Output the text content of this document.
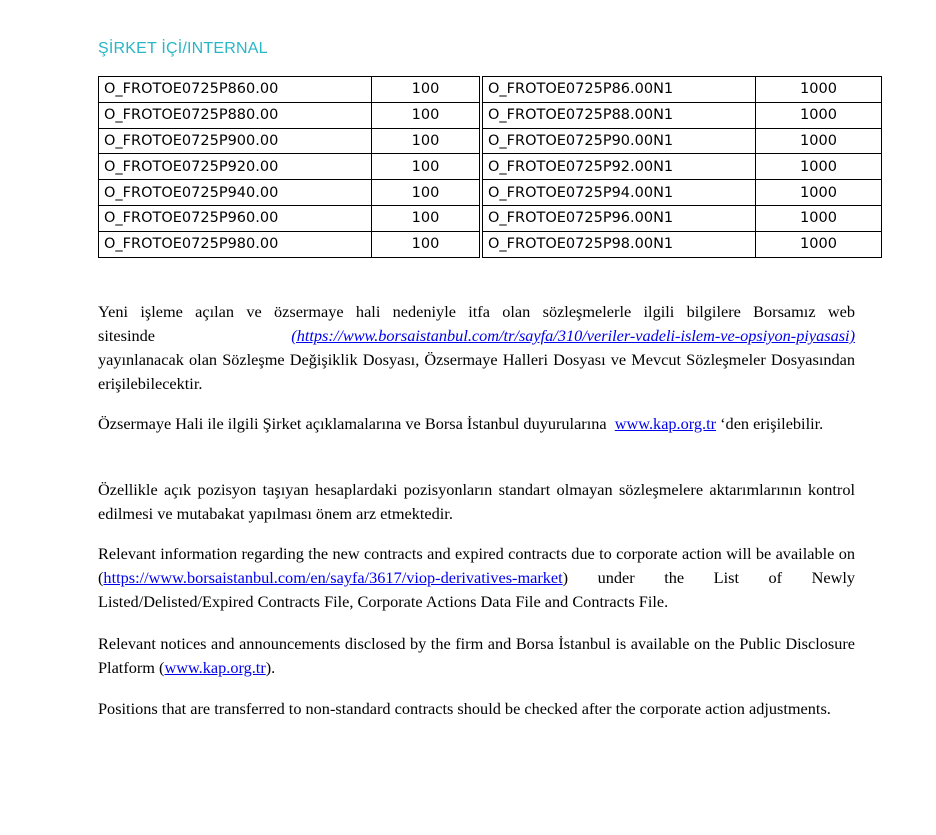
ŞİRKET İÇİ/INTERNAL
O_FROTOE0725P860.00	100		O_FROTOE0725P86.00N1	1000
O_FROTOE0725P880.00	100		O_FROTOE0725P88.00N1	1000
O_FROTOE0725P900.00	100		O_FROTOE0725P90.00N1	1000
O_FROTOE0725P920.00	100		O_FROTOE0725P92.00N1	1000
O_FROTOE0725P940.00	100		O_FROTOE0725P94.00N1	1000
O_FROTOE0725P960.00	100		O_FROTOE0725P96.00N1	1000
O_FROTOE0725P980.00	100		O_FROTOE0725P98.00N1	1000
Yeni işleme açılan ve özsermaye hali nedeniyle itfa olan sözleşmelerle ilgili bilgilere Borsamız web
sitesinde	(https://www.borsaistanbul.com/tr/sayfa/310/veriler-vadeli-islem-ve-opsiyon-piyasasi)
yayınlanacak olan Sözleşme Değişiklik Dosyası, Özsermaye Halleri Dosyası ve Mevcut Sözleşmeler Dosyasından erişilebilecektir.
Özsermaye Hali ile ilgili Şirket açıklamalarına ve Borsa İstanbul duyurularına www.kap.org.tr ‘den erişilebilir.
Özellikle açık pozisyon taşıyan hesaplardaki pozisyonların standart olmayan sözleşmelere aktarımlarının kontrol edilmesi ve mutabakat yapılması önem arz etmektedir.
Relevant information regarding the new contracts and expired contracts due to corporate action will be available on (https://www.borsaistanbul.com/en/sayfa/3617/viop-derivatives-market) under the List of Newly Listed/Delisted/Expired Contracts File, Corporate Actions Data File and Contracts File.
Relevant notices and announcements disclosed by the firm and Borsa İstanbul is available on the Public Disclosure Platform (www.kap.org.tr).
Positions that are transferred to non-standard contracts should be checked after the corporate action adjustments.
